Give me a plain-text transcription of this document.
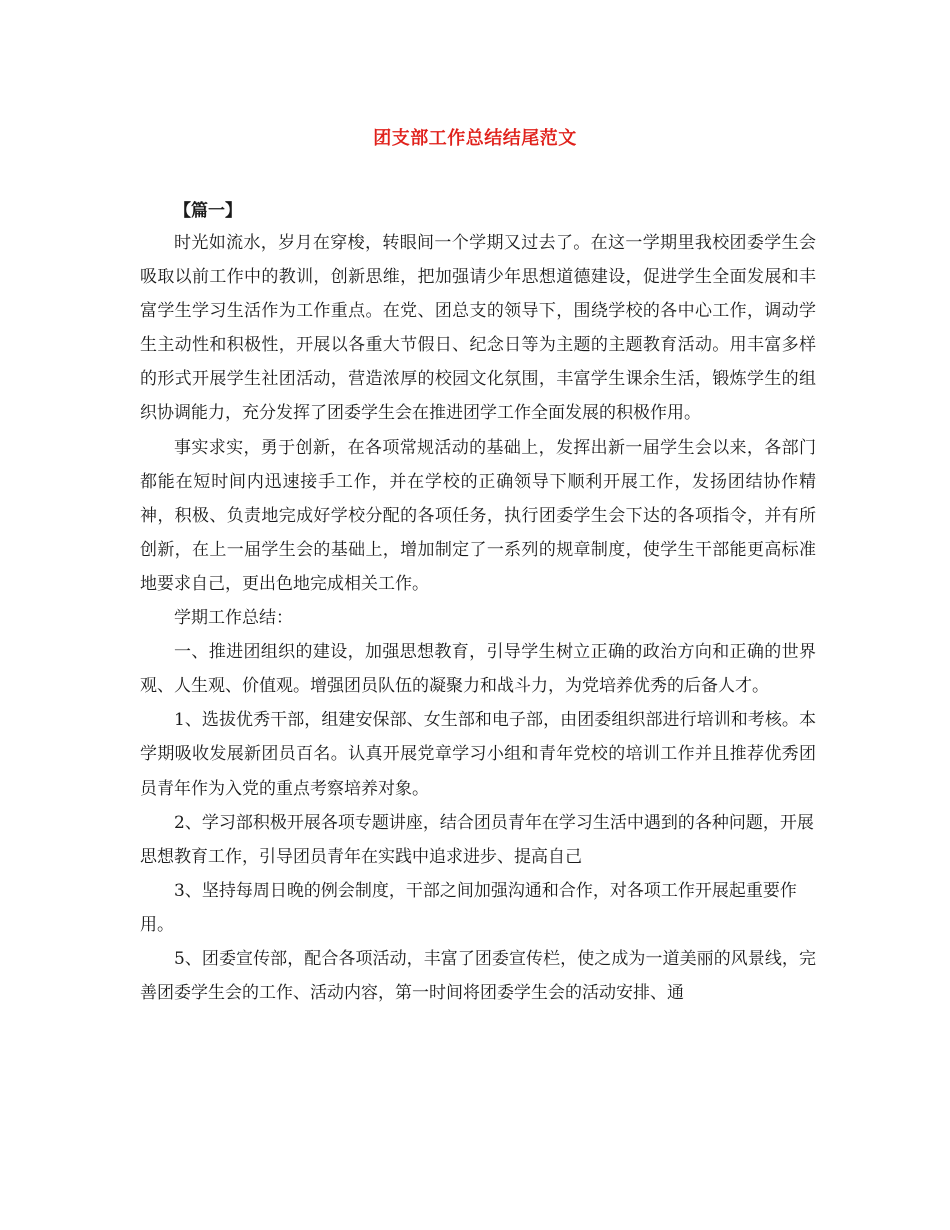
团支部工作总结结尾范文
【篇一】

时光如流水，岁月在穿梭，转眼间一个学期又过去了。在这一学期里我校团委学生会吸取以前工作中的教训，创新思维，把加强请少年思想道德建设，促进学生全面发展和丰富学生学习生活作为工作重点。在党、团总支的领导下，围绕学校的各中心工作，调动学生主动性和积极性，开展以各重大节假日、纪念日等为主题的主题教育活动。用丰富多样的形式开展学生社团活动，营造浓厚的校园文化氛围，丰富学生课余生活，锻炼学生的组织协调能力，充分发挥了团委学生会在推进团学工作全面发展的积极作用。

事实求实，勇于创新，在各项常规活动的基础上，发挥出新一届学生会以来，各部门都能在短时间内迅速接手工作，并在学校的正确领导下顺利开展工作，发扬团结协作精神，积极、负责地完成好学校分配的各项任务，执行团委学生会下达的各项指令，并有所创新，在上一届学生会的基础上，增加制定了一系列的规章制度，使学生干部能更高标准地要求自己，更出色地完成相关工作。

学期工作总结：

一、推进团组织的建设，加强思想教育，引导学生树立正确的政治方向和正确的世界观、人生观、价值观。增强团员队伍的凝聚力和战斗力，为党培养优秀的后备人才。

1、选拔优秀干部，组建安保部、女生部和电子部，由团委组织部进行培训和考核。本学期吸收发展新团员百名。认真开展党章学习小组和青年党校的培训工作并且推荐优秀团员青年作为入党的重点考察培养对象。

2、学习部积极开展各项专题讲座，结合团员青年在学习生活中遇到的各种问题，开展思想教育工作，引导团员青年在实践中追求进步、提高自己

3、坚持每周日晚的例会制度，干部之间加强沟通和合作，对各项工作开展起重要作用。

5、团委宣传部，配合各项活动，丰富了团委宣传栏，使之成为一道美丽的风景线，完善团委学生会的工作、活动内容，第一时间将团委学生会的活动安排、通
